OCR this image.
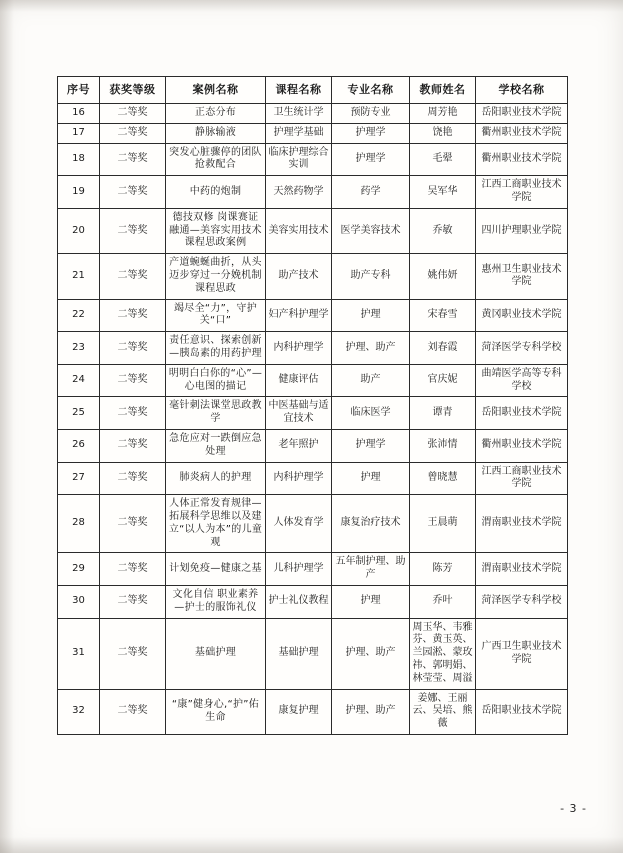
序号	获奖等级	案例名称	课程名称	专业名称	教师姓名	学校名称
16	二等奖	正态分布	卫生统计学	预防专业	周芳艳	岳阳职业技术学院
17	二等奖	静脉输液	护理学基础	护理学	饶艳	衢州职业技术学院
18	二等奖	突发心脏骤停的团队抢救配合	临床护理综合实训	护理学	毛翚	衢州职业技术学院
19	二等奖	中药的炮制	天然药物学	药学	吴军华	江西工商职业技术学院
20	二等奖	德技双修 岗课赛证融通—美容实用技术课程思政案例	美容实用技术	医学美容技术	乔敏	四川护理职业学院
21	二等奖	产道蜿蜒曲折，从头迈步穿过一分娩机制课程思政	助产技术	助产专科	姚伟妍	惠州卫生职业技术学院
22	二等奖	竭尽全“力”，守护关“口”	妇产科护理学	护理	宋春雪	黄冈职业技术学院
23	二等奖	责任意识、探索创新—胰岛素的用药护理	内科护理学	护理、助产	刘春霞	菏泽医学专科学校
24	二等奖	明明白白你的“心”—心电图的描记	健康评估	助产	官庆妮	曲靖医学高等专科学校
25	二等奖	毫针刺法课堂思政教学	中医基础与适宜技术	临床医学	谭青	岳阳职业技术学院
26	二等奖	急危应对一跌倒应急处理	老年照护	护理学	张沛情	衢州职业技术学院
27	二等奖	肺炎病人的护理	内科护理学	护理	曾晓慧	江西工商职业技术学院
28	二等奖	人体正常发育规律—拓展科学思维以及建立“以人为本”的儿童观	人体发育学	康复治疗技术	王晨萌	渭南职业技术学院
29	二等奖	计划免疫—健康之基	儿科护理学	五年制护理、助产	陈芳	渭南职业技术学院
30	二等奖	文化自信 职业素养—护士的服饰礼仪	护士礼仪教程	护理	乔叶	菏泽医学专科学校
31	二等奖	基础护理	基础护理	护理、助产	周玉华、韦雅芬、黄玉英、兰园淞、蒙玫祎、郭明娟、林莹莹、周溢	广西卫生职业技术学院
32	二等奖	“康”健身心,“护”佑生命	康复护理	护理、助产	姜娜、王丽云、吴培、熊薇	岳阳职业技术学院
- 3 -
